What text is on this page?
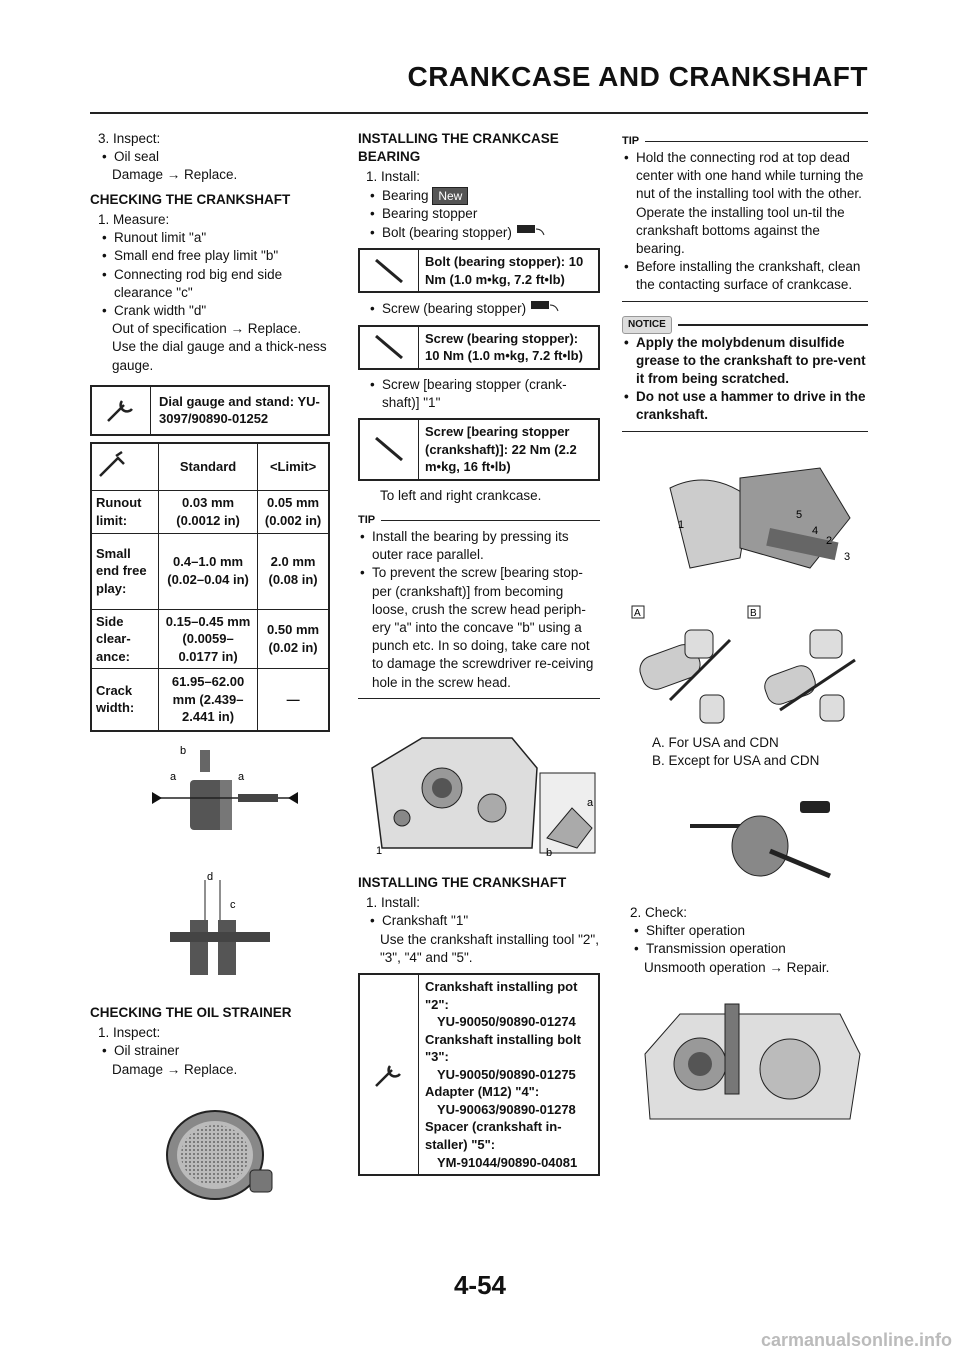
CRANKCASE AND CRANKSHAFT

3. Inspect:

• Oil seal

Damage → Replace.

CHECKING THE CRANKSHAFT

1. Measure:

• Runout limit "a"

• Small end free play limit "b"

• Connecting rod big end side clearance "c"

• Crank width "d"

Out of specification → Replace.

Use the dial gauge and a thick-ness gauge.

Dial gauge and stand: YU-3097/90890-01252
	Standard	<Limit>
Runout limit:	0.03 mm (0.0012 in)	0.05 mm (0.002 in)
Small end free play:	0.4–1.0 mm (0.02–0.04 in)	2.0 mm (0.08 in)
Side clear-ance:	0.15–0.45 mm (0.0059–0.0177 in)	0.50 mm (0.02 in)
Crack width:	61.95–62.00 mm (2.439–2.441 in)	—
b
a	a
d
c

CHECKING THE OIL STRAINER

1. Inspect:

• Oil strainer

Damage → Replace.

INSTALLING THE CRANKCASE BEARING

1. Install:

• Bearing New

• Bearing stopper

• Bolt (bearing stopper)

Bolt (bearing stopper): 10 Nm (1.0 m•kg, 7.2 ft•lb)

• Screw (bearing stopper)

Screw (bearing stopper): 10 Nm (1.0 m•kg, 7.2 ft•lb)

• Screw [bearing stopper (crank-shaft)] "1"

Screw [bearing stopper (crankshaft)]: 22 Nm (2.2 m•kg, 16 ft•lb)

To left and right crankcase.

TIP

• Install the bearing by pressing its outer race parallel.

• To prevent the screw [bearing stop-per (crankshaft)] from becoming loose, crush the screw head periph-ery "a" into the concave "b" using a punch etc. In so doing, take care not to damage the screwdriver re-ceiving hole in the screw head.

1
a
b

INSTALLING THE CRANKSHAFT

1. Install:

• Crankshaft "1"

Use the crankshaft installing tool "2", "3", "4" and "5".

Crankshaft installing pot "2":
YU-90050/90890-01274
Crankshaft installing bolt "3":
YU-90050/90890-01275
Adapter (M12) "4":
YU-90063/90890-01278
Spacer (crankshaft in-staller) "5":
YM-91044/90890-04081
TIP

• Hold the connecting rod at top dead center with one hand while turning the nut of the installing tool with the other. Operate the installing tool un-til the crankshaft bottoms against the bearing.

• Before installing the crankshaft, clean the contacting surface of crankcase.

NOTICE

• Apply the molybdenum disulfide grease to the crankshaft to pre-vent it from being scratched.

• Do not use a hammer to drive in the crankshaft.

1
5
4
2
3
A	B

A. For USA and CDN

B. Except for USA and CDN

2. Check:

• Shifter operation

• Transmission operation

Unsmooth operation → Repair.

4-54
carmanualsonline.info
